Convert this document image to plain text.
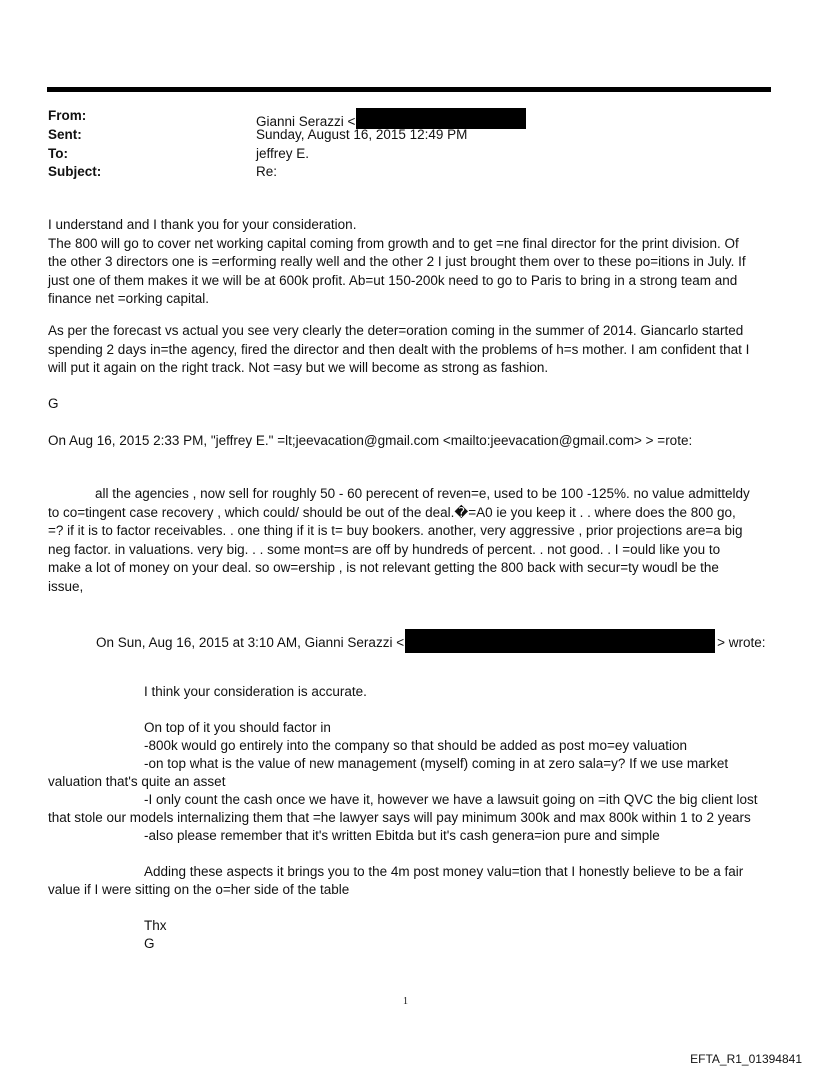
From:	Gianni Serazzi <
Sent:	Sunday, August 16, 2015 12:49 PM
To:	jeffrey E.
Subject:	Re:
I understand and I thank you for your consideration.
The 800 will go to cover net working capital coming from growth and to get =ne final director for the print division. Of
the other 3 directors one is =erforming really well and the other 2 I just brought them over to these po=itions in July. If
just one of them makes it we will be at 600k profit. Ab=ut 150-200k need to go to Paris to bring in a strong team and
finance net =orking capital.
As per the forecast vs actual you see very clearly the deter=oration coming in the summer of 2014. Giancarlo started
spending 2 days in=the agency, fired the director and then dealt with the problems of h=s mother. I am confident that I
will put it again on the right track. Not =asy but we will become as strong as fashion.
G
On Aug 16, 2015 2:33 PM, "jeffrey E." =lt;jeevacation@gmail.com <mailto:jeevacation@gmail.com> > =rote:
all the agencies , now sell for roughly 50 - 60 perecent of reven=e, used to be 100 -125%. no value admitteldy
to co=tingent case recovery , which could/ should be out of the deal.�=A0 ie you keep it . . where does the 800 go,
=? if it is to factor receivables. . one thing if it is t= buy bookers. another, very aggressive , prior projections are=a big
neg factor. in valuations. very big. . . some mont=s are off by hundreds of percent. . not good. . I =ould like you to
make a lot of money on your deal. so ow=ership , is not relevant getting the 800 back with secur=ty woudl be the
issue,
On Sun, Aug 16, 2015 at 3:10 AM, Gianni Serazzi <	> wrote:
I think your consideration is accurate.
On top of it you should factor in
-800k would go entirely into the company so that should be added as post mo=ey valuation
-on top what is the value of new management (myself) coming in at zero sala=y? If we use market
valuation that's quite an asset
-I only count the cash once we have it, however we have a lawsuit going on =ith QVC the big client lost
that stole our models internalizing them that =he lawyer says will pay minimum 300k and max 800k within 1 to 2 years
-also please remember that it's written Ebitda but it's cash genera=ion pure and simple
Adding these aspects it brings you to the 4m post money valu=tion that I honestly believe to be a fair
value if I were sitting on the o=her side of the table
Thx
G
1
EFTA_R1_01394841
